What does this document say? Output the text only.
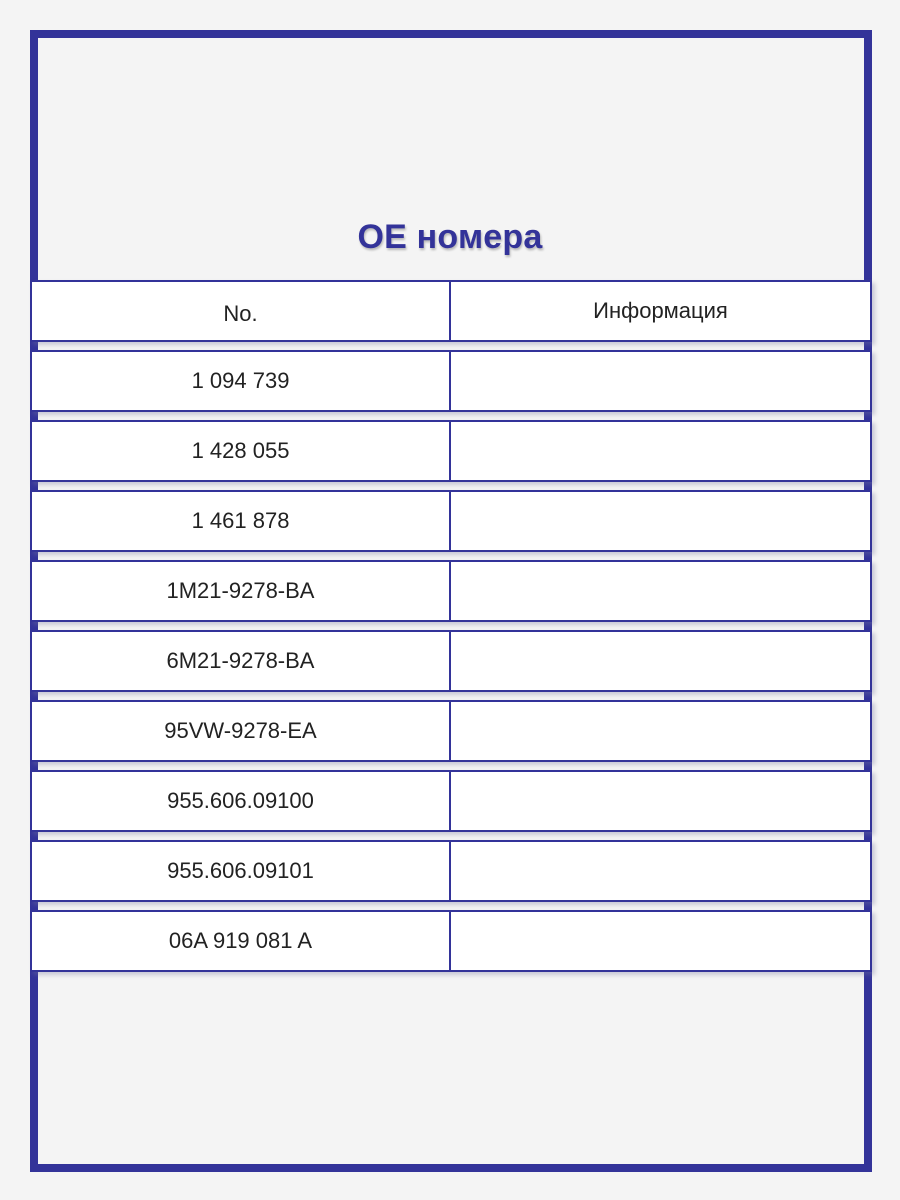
OE номера
No.	Информация
1 094 739
1 428 055
1 461 878
1M21-9278-BA
6M21-9278-BA
95VW-9278-EA
955.606.09100
955.606.09101
06A 919 081 A
